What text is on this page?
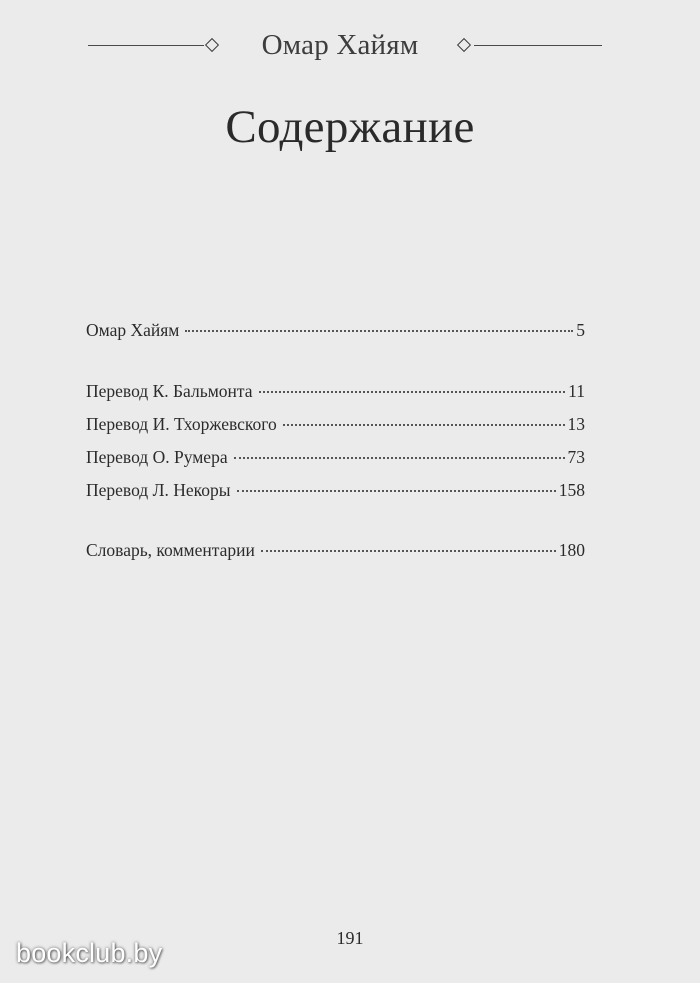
Омар Хайям
Содержание
Омар Хайям	5
Перевод К. Бальмонта	11
Перевод И. Тхоржевского	13
Перевод О. Румера	73
Перевод Л. Некоры	158
Словарь, комментарии	180
191
bookclub.by
